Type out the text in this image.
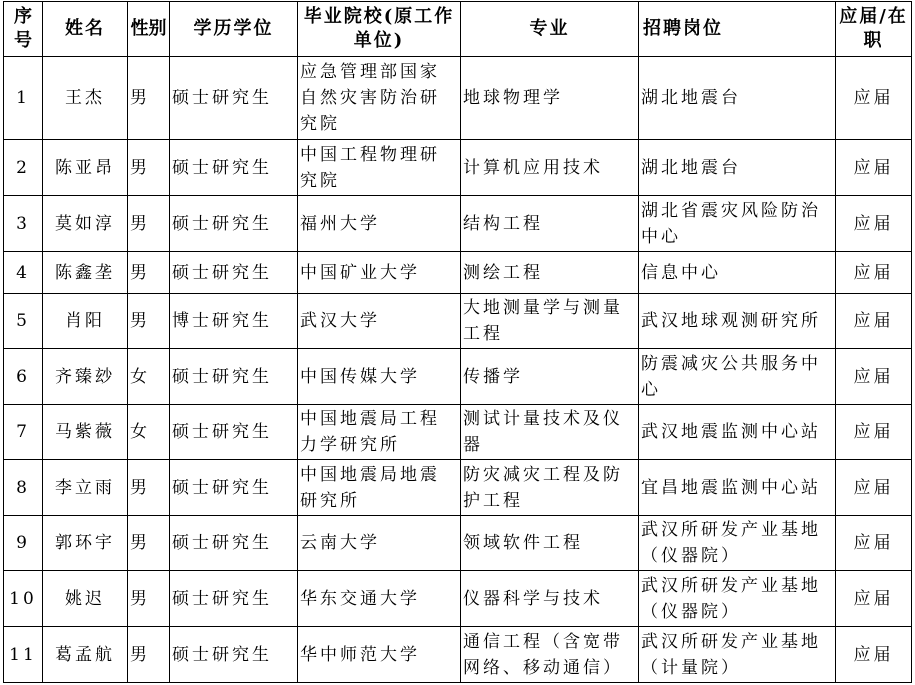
序号	姓名	性别	学历学位	毕业院校(原工作单位)	专业	招聘岗位	应届/在职
1	王杰	男	硕士研究生	应急管理部国家自然灾害防治研究院	地球物理学	湖北地震台	应届
2	陈亚昂	男	硕士研究生	中国工程物理研究院	计算机应用技术	湖北地震台	应届
3	莫如淳	男	硕士研究生	福州大学	结构工程	湖北省震灾风险防治中心	应届
4	陈鑫垄	男	硕士研究生	中国矿业大学	测绘工程	信息中心	应届
5	肖阳	男	博士研究生	武汉大学	大地测量学与测量工程	武汉地球观测研究所	应届
6	齐臻玅	女	硕士研究生	中国传媒大学	传播学	防震减灾公共服务中心	应届
7	马紫薇	女	硕士研究生	中国地震局工程力学研究所	测试计量技术及仪器	武汉地震监测中心站	应届
8	李立雨	男	硕士研究生	中国地震局地震研究所	防灾减灾工程及防护工程	宜昌地震监测中心站	应届
9	郭环宇	男	硕士研究生	云南大学	领域软件工程	武汉所研发产业基地（仪器院）	应届
10	姚迟	男	硕士研究生	华东交通大学	仪器科学与技术	武汉所研发产业基地（仪器院）	应届
11	葛孟航	男	硕士研究生	华中师范大学	通信工程（含宽带网络、移动通信）	武汉所研发产业基地（计量院）	应届
